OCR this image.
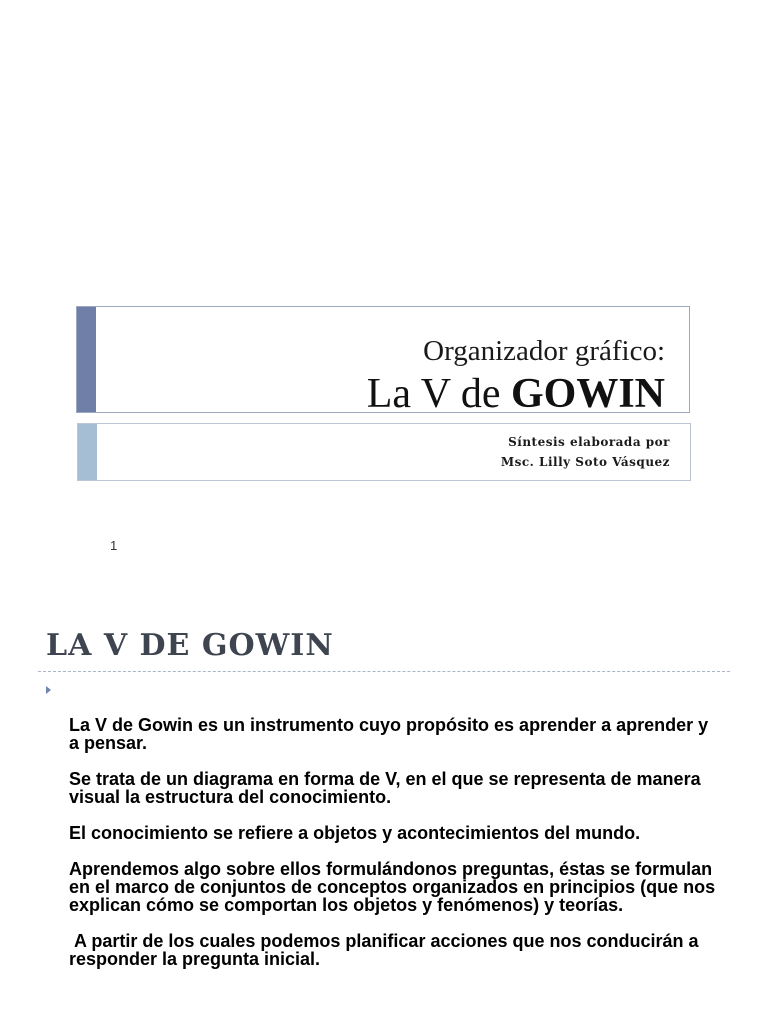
Organizador gráfico:
La V de GOWIN
Síntesis elaborada por
Msc. Lilly Soto Vásquez
1
LA V DE GOWIN

La V de Gowin es un instrumento cuyo propósito es aprender a aprender y a pensar.

Se trata de un diagrama en forma de V, en el que se representa de manera visual la estructura del conocimiento.

El conocimiento se refiere a objetos y acontecimientos del mundo.

Aprendemos algo sobre ellos formulándonos preguntas, éstas se formulan en el marco de conjuntos de conceptos organizados en principios (que nos explican cómo se comportan los objetos y fenómenos) y teorías.

A partir de los cuales podemos planificar acciones que nos conducirán a responder la pregunta inicial.
